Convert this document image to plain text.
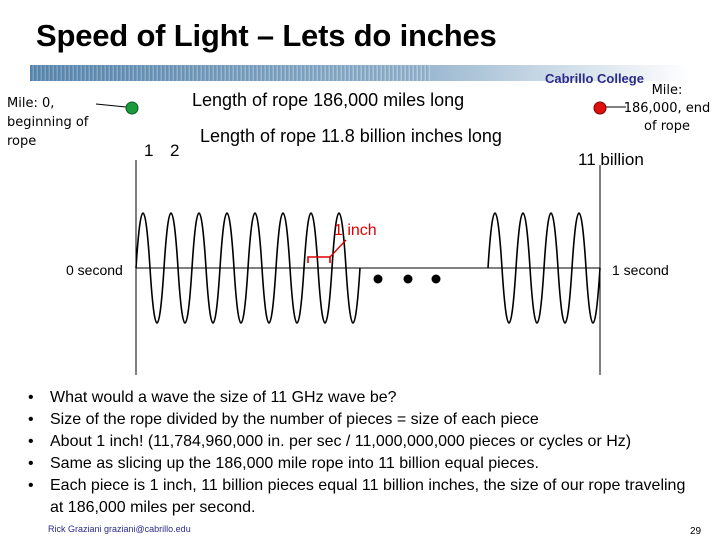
Speed of Light – Lets do inches
Cabrillo College
Mile: 0, beginning of rope
Mile: 186,000, end of rope
Length of rope 186,000 miles long
Length of rope 11.8 billion inches long
1 2	11 billion
1 inch
0 second	1 second
• What would a wave the size of 11 GHz wave be?
• Size of the rope divided by the number of pieces = size of each piece
• About 1 inch! (11,784,960,000 in. per sec / 11,000,000,000 pieces or cycles or Hz)
• Same as slicing up the 186,000 mile rope into 11 billion equal pieces.
• Each piece is 1 inch, 11 billion pieces equal 11 billion inches, the size of our rope traveling at 186,000 miles per second.
Rick Graziani graziani@cabrillo.edu	29
